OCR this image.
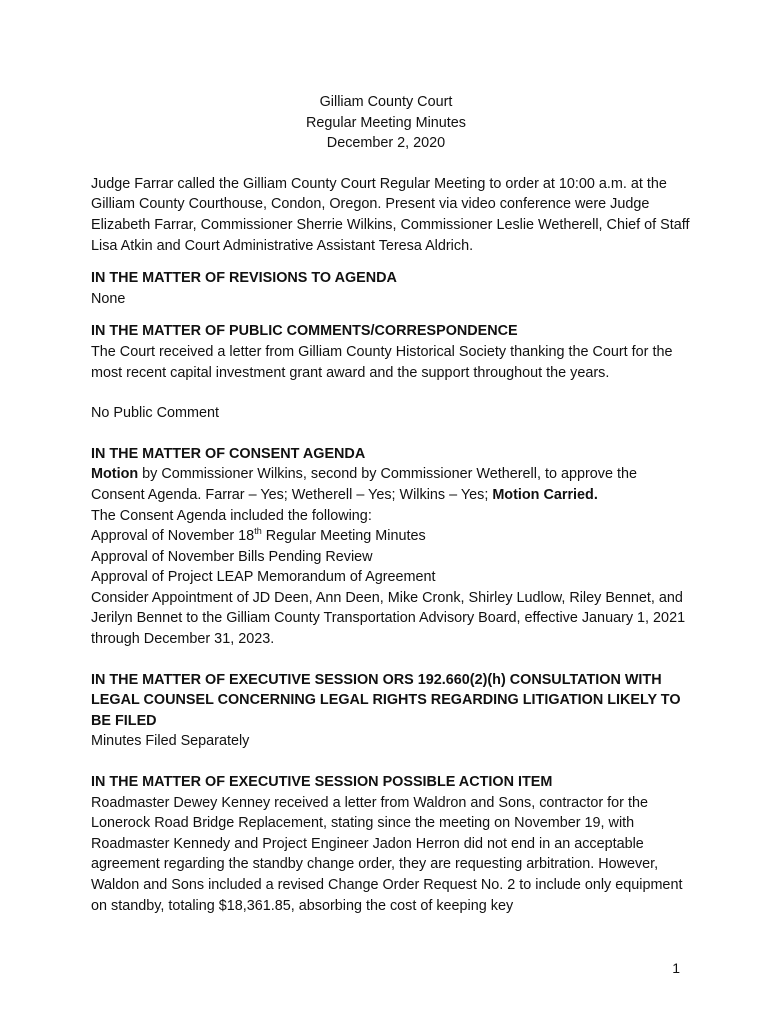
Gilliam County Court
Regular Meeting Minutes
December 2, 2020

Judge Farrar called the Gilliam County Court Regular Meeting to order at 10:00 a.m. at the Gilliam County Courthouse, Condon, Oregon. Present via video conference were Judge Elizabeth Farrar, Commissioner Sherrie Wilkins, Commissioner Leslie Wetherell, Chief of Staff Lisa Atkin and Court Administrative Assistant Teresa Aldrich.

IN THE MATTER OF REVISIONS TO AGENDA

None

IN THE MATTER OF PUBLIC COMMENTS/CORRESPONDENCE

The Court received a letter from Gilliam County Historical Society thanking the Court for the most recent capital investment grant award and the support throughout the years.

No Public Comment

IN THE MATTER OF CONSENT AGENDA

Motion by Commissioner Wilkins, second by Commissioner Wetherell, to approve the Consent Agenda. Farrar – Yes; Wetherell – Yes; Wilkins – Yes; Motion Carried.

The Consent Agenda included the following:

Approval of November 18th Regular Meeting Minutes

Approval of November Bills Pending Review

Approval of Project LEAP Memorandum of Agreement

Consider Appointment of JD Deen, Ann Deen, Mike Cronk, Shirley Ludlow, Riley Bennet, and Jerilyn Bennet to the Gilliam County Transportation Advisory Board, effective January 1, 2021 through December 31, 2023.

IN THE MATTER OF EXECUTIVE SESSION ORS 192.660(2)(h) CONSULTATION WITH LEGAL COUNSEL CONCERNING LEGAL RIGHTS REGARDING LITIGATION LIKELY TO BE FILED

Minutes Filed Separately

IN THE MATTER OF EXECUTIVE SESSION POSSIBLE ACTION ITEM

Roadmaster Dewey Kenney received a letter from Waldron and Sons, contractor for the Lonerock Road Bridge Replacement, stating since the meeting on November 19, with Roadmaster Kennedy and Project Engineer Jadon Herron did not end in an acceptable agreement regarding the standby change order, they are requesting arbitration. However, Waldon and Sons included a revised Change Order Request No. 2 to include only equipment on standby, totaling $18,361.85, absorbing the cost of keeping key

1
